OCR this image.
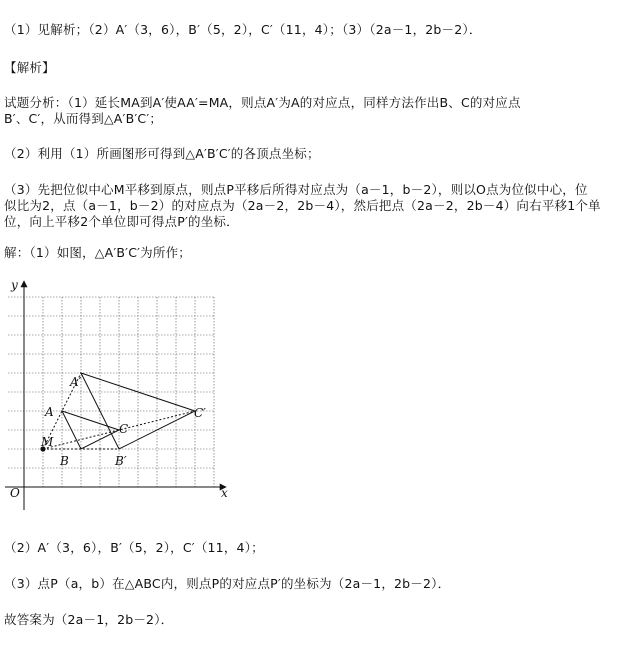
（1）见解析；（2）A′（3，6），B′（5，2），C′（11，4）；（3）（2a－1，2b－2）．
【解析】
试题分析：（1）延长MA到A′使AA′=MA，则点A′为A的对应点，同样方法作出B、C的对应点
B′、C′，从而得到△A′B′C′；
（2）利用（1）所画图形可得到△A′B′C′的各顶点坐标；
（3）先把位似中心M平移到原点，则点P平移后所得对应点为（a－1，b－2），则以O点为位似中心，位
似比为2，点（a－1，b－2）的对应点为（2a－2，2b－4），然后把点（2a－2，2b－4）向右平移1个单
位，向上平移2个单位即可得点P′的坐标．
解：（1）如图，△A′B′C′为所作；
y
x
O
A′
A
C
C′
M
B	B′
（2）A′（3，6），B′（5，2），C′（11，4）；
（3）点P（a，b）在△ABC内，则点P的对应点P′的坐标为（2a－1，2b－2）．
故答案为（2a－1，2b－2）．
